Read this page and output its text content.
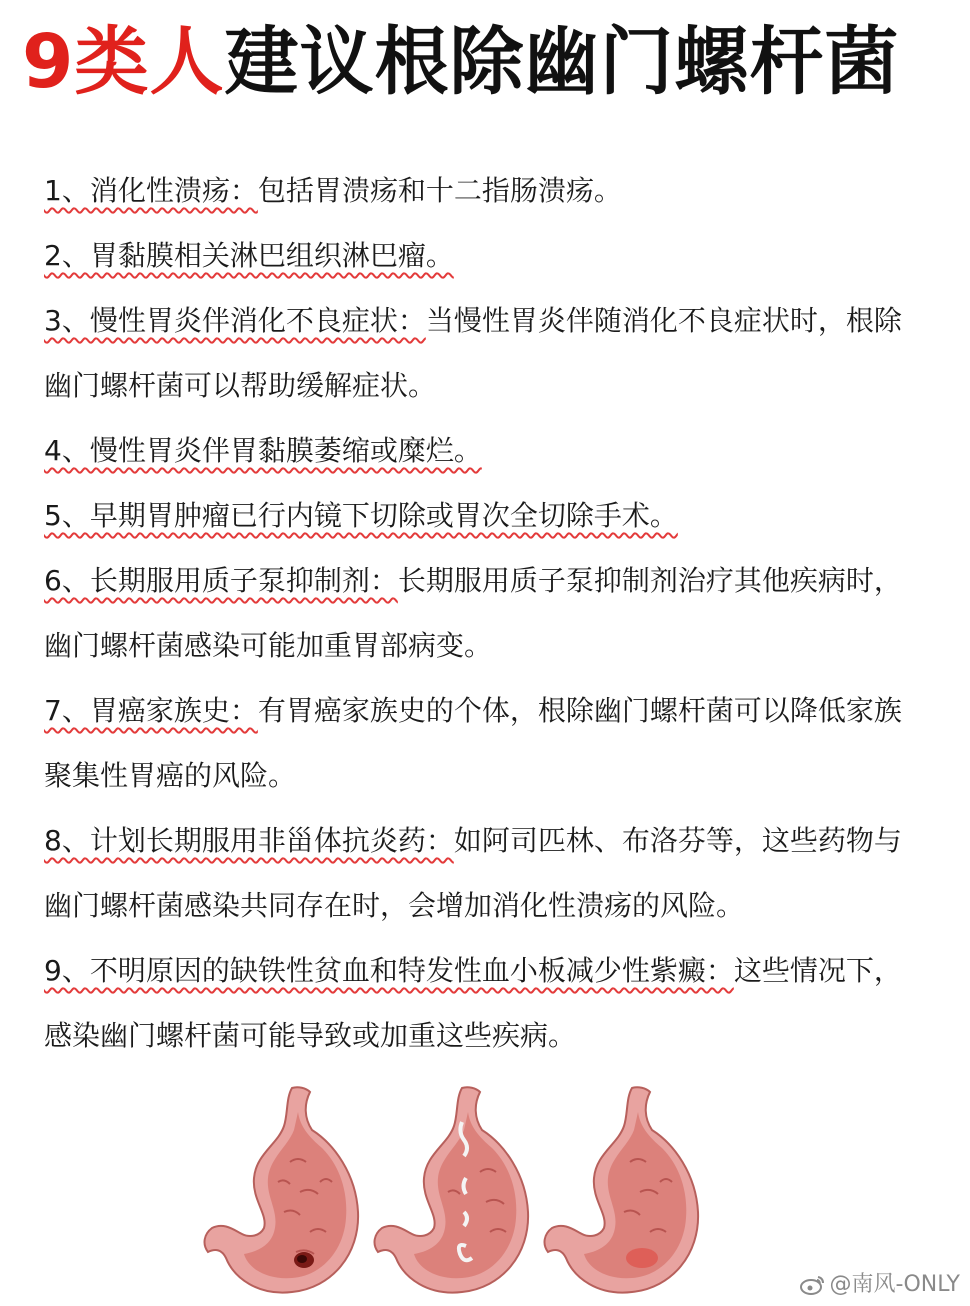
9类人建议根除幽门螺杆菌
1、消化性溃疡：包括胃溃疡和十二指肠溃疡。
2、胃黏膜相关淋巴组织淋巴瘤。
3、慢性胃炎伴消化不良症状：当慢性胃炎伴随消化不良症状时，根除幽门螺杆菌可以帮助缓解症状。
4、慢性胃炎伴胃黏膜萎缩或糜烂。
5、早期胃肿瘤已行内镜下切除或胃次全切除手术。
6、长期服用质子泵抑制剂：长期服用质子泵抑制剂治疗其他疾病时，幽门螺杆菌感染可能加重胃部病变。
7、胃癌家族史：有胃癌家族史的个体，根除幽门螺杆菌可以降低家族聚集性胃癌的风险。
8、计划长期服用非甾体抗炎药：如阿司匹林、布洛芬等，这些药物与幽门螺杆菌感染共同存在时，会增加消化性溃疡的风险。
9、不明原因的缺铁性贫血和特发性血小板减少性紫癜：这些情况下，感染幽门螺杆菌可能导致或加重这些疾病。
@南风-ONLY
